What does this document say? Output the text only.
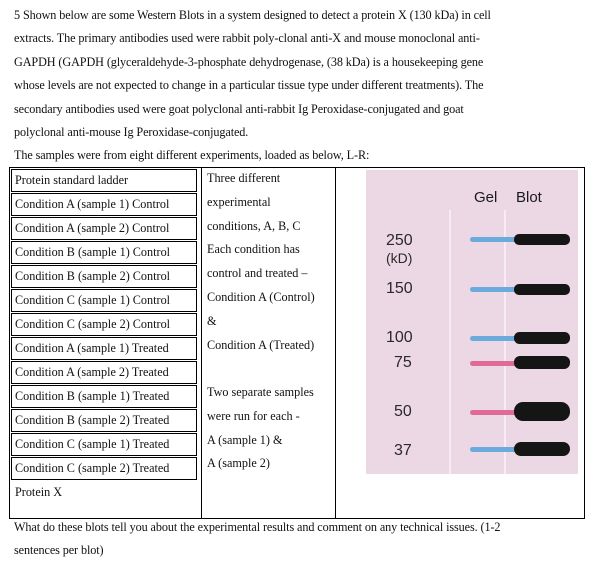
5 Shown below are some Western Blots in a system designed to detect a protein X (130 kDa) in cell

extracts. The primary antibodies used were rabbit poly-clonal anti-X and mouse monoclonal anti-

GAPDH (GAPDH (glyceraldehyde-3-phosphate dehydrogenase, (38 kDa) is a housekeeping gene

whose levels are not expected to change in a particular tissue type under different treatments). The

secondary antibodies used were goat polyclonal anti-rabbit Ig Peroxidase-conjugated and goat

polyclonal anti-mouse Ig Peroxidase-conjugated.

The samples were from eight different experiments, loaded as below, L-R:

Protein standard ladder
Condition A (sample 1) Control
Condition A (sample 2) Control
Condition B (sample 1) Control
Condition B (sample 2) Control
Condition C (sample 1) Control
Condition C (sample 2) Control
Condition A (sample 1) Treated
Condition A (sample 2) Treated
Condition B (sample 1) Treated
Condition B (sample 2) Treated
Condition C (sample 1) Treated
Condition C (sample 2) Treated
Protein X
Three different
experimental
conditions, A, B, C
Each condition has
control and treated –
Condition A (Control)
&
Condition A (Treated)
Two separate samples
were run for each -
A (sample 1) &
A (sample 2)
Gel Blot
250
(kD)
150
100
75
50
37

What do these blots tell you about the experimental results and comment on any technical issues. (1-2

sentences per blot)
